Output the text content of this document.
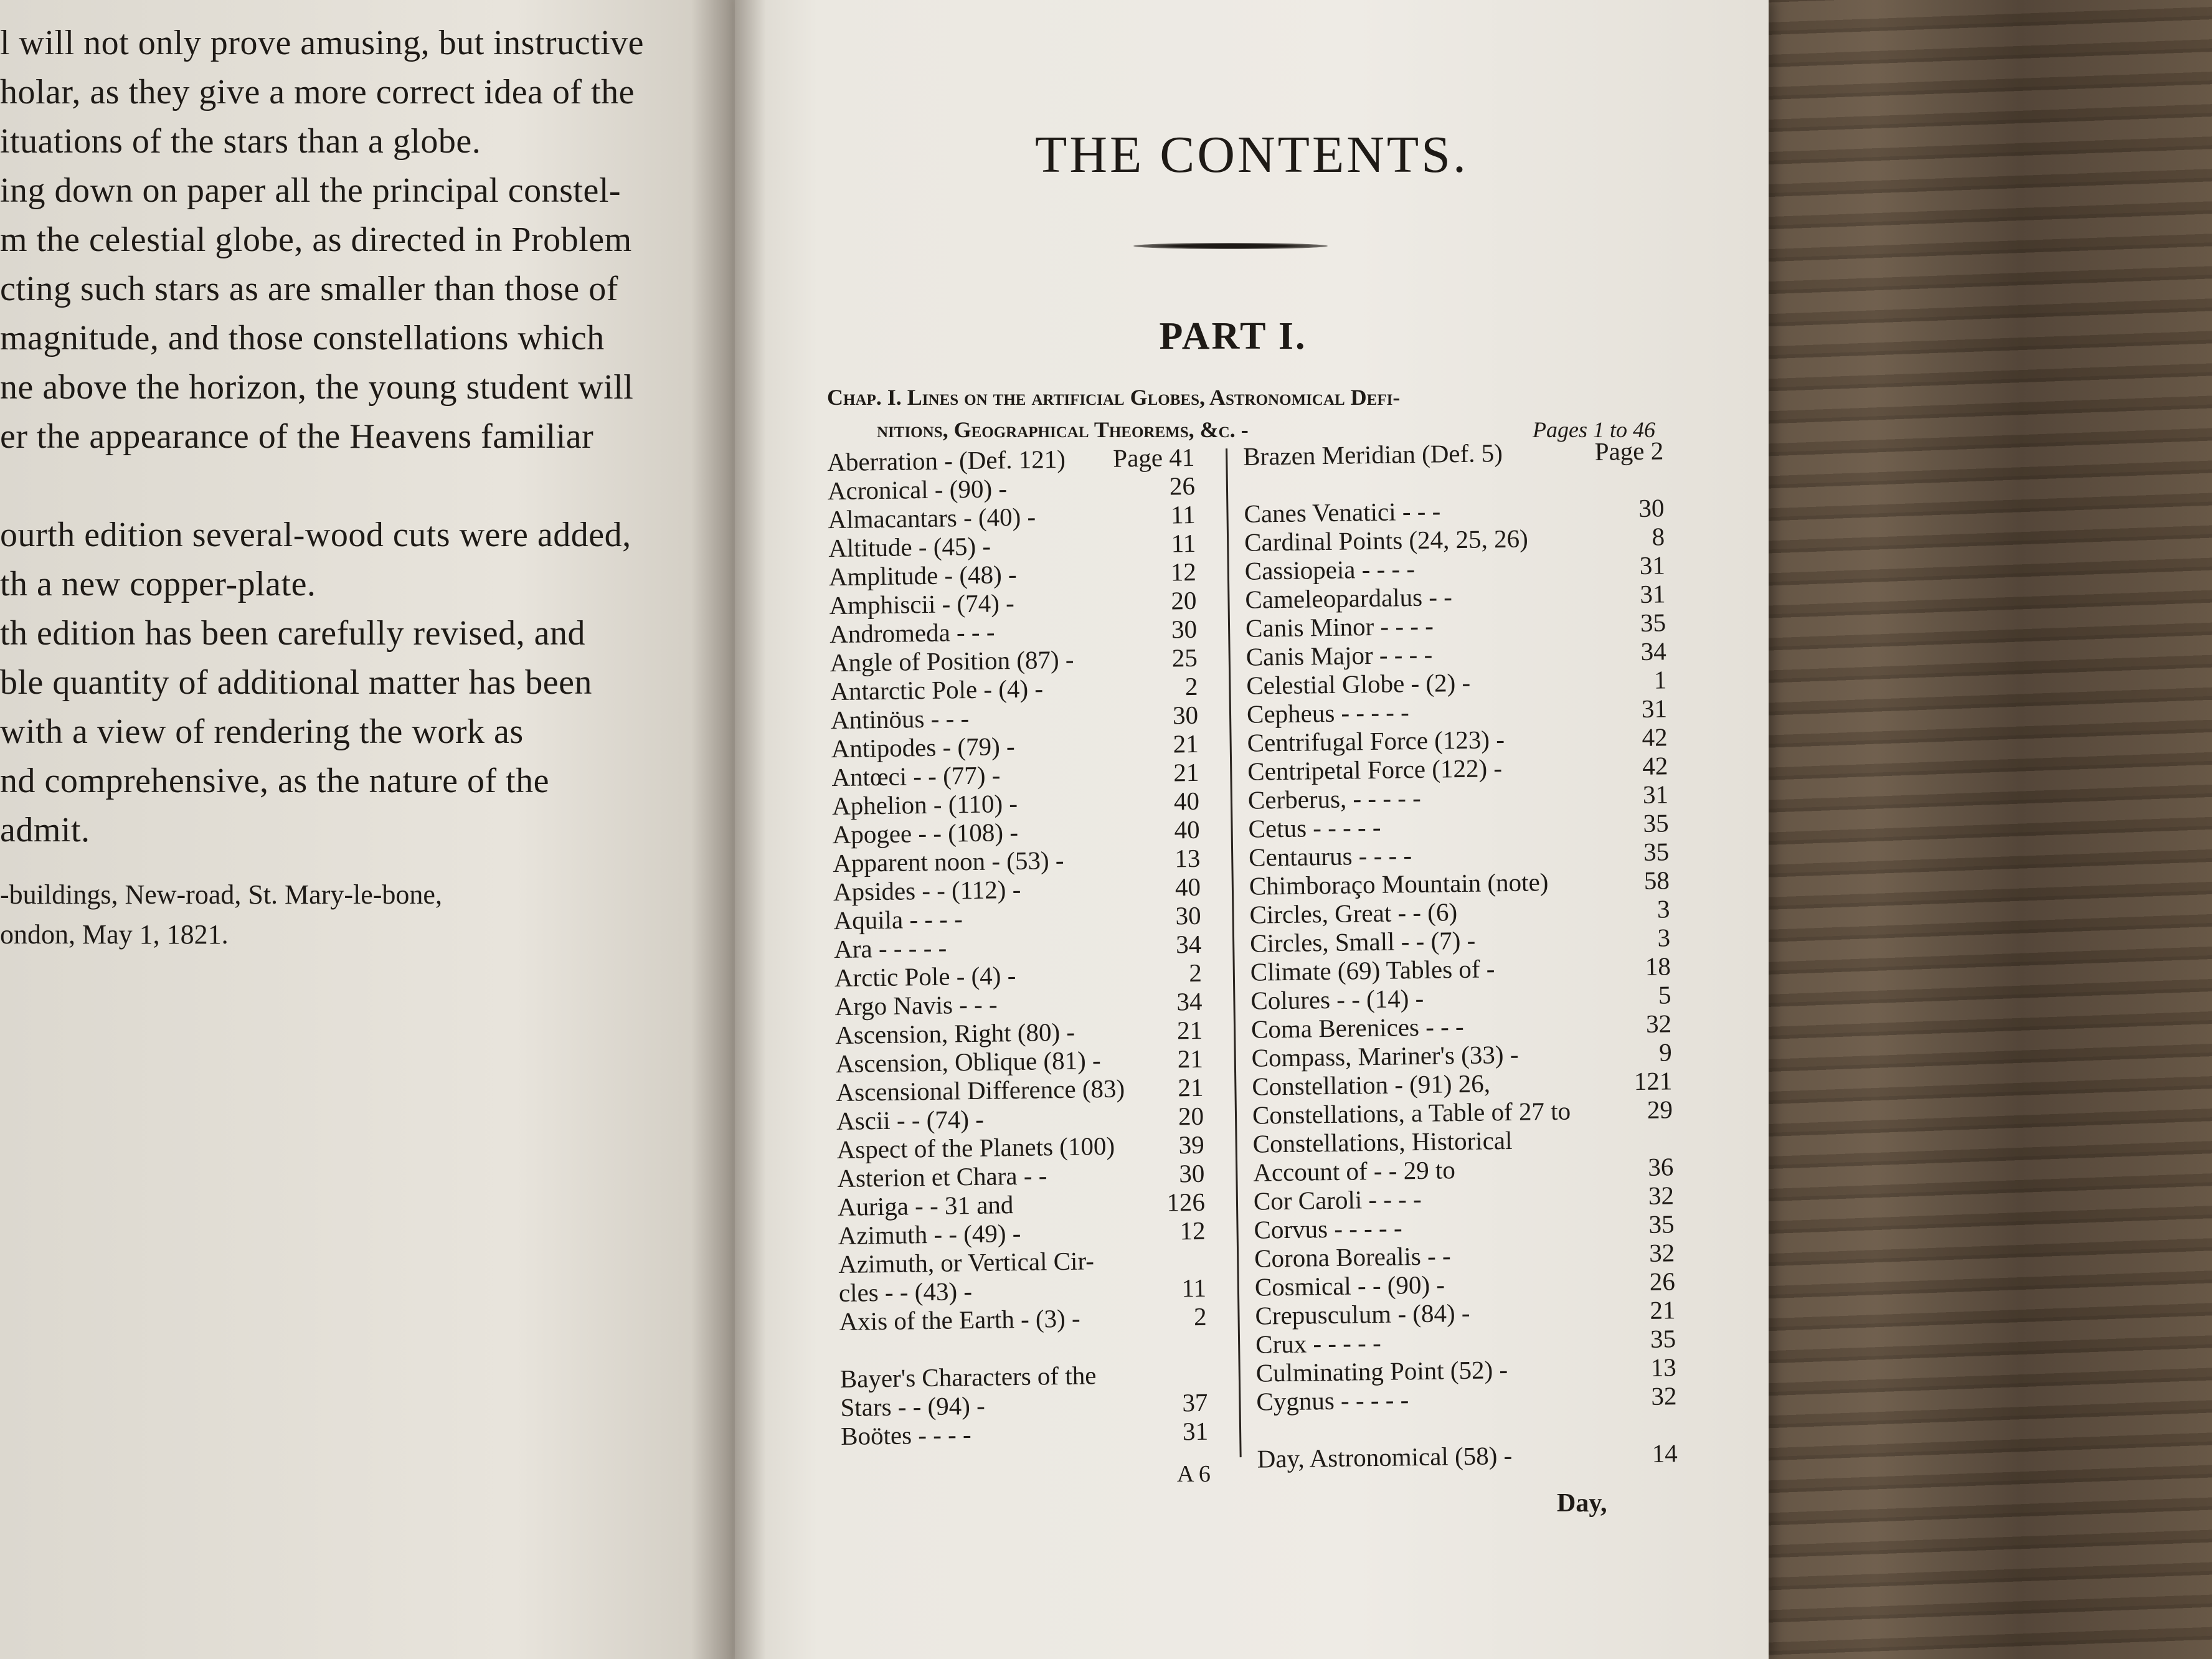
l will not only prove amusing, but instructive
holar, as they give a more correct idea of the
ituations of the stars than a globe.
ing down on paper all the principal constel-
m the celestial globe, as directed in Problem
cting such stars as are smaller than those of
magnitude, and those constellations which
ne above the horizon, the young student will
er the appearance of the Heavens familiar
ourth edition several-wood cuts were added,
th a new copper-plate.
th edition has been carefully revised, and
ble quantity of additional matter has been
with a view of rendering the work as
nd comprehensive, as the nature of the
admit.
-buildings, New-road, St. Mary-le-bone,
ondon, May 1, 1821.
THE CONTENTS.
PART I.
Chap. I. Lines on the artificial Globes, Astronomical Defi-
nitions, Geographical Theorems, &c. -	Pages 1 to 46
Aberration - (Def. 121) Page 41
Acronical - (90) -	26
Almacantars - (40) -	11
Altitude - (45) -	11
Amplitude - (48) -	12
Amphiscii - (74) -	20
Andromeda - - -	30
Angle of Position (87) -	25
Antarctic Pole - (4) -	2
Antinöus - - -	30
Antipodes - (79) -	21
Antœci - - (77) -	21
Aphelion - (110) -	40
Apogee - - (108) -	40
Apparent noon - (53) -	13
Apsides - - (112) -	40
Aquila - - - -	30
Ara - - - - -	34
Arctic Pole - (4) -	2
Argo Navis - - -	34
Ascension, Right (80) -	21
Ascension, Oblique (81) -	21
Ascensional Difference (83) 21
Ascii - - (74) -	20
Aspect of the Planets (100) 39
Asterion et Chara - -	30
Auriga - - 31 and	126
Azimuth - - (49) -	12
Azimuth, or Vertical Cir-
cles - - (43) -	11
Axis of the Earth - (3) -	2
Bayer's Characters of the
Stars - - (94) -	37
Boötes - - - -	31
Brazen Meridian (Def. 5)	Page 2
Canes Venatici - - -	30
Cardinal Points (24, 25, 26)	8
Cassiopeia - - - -	31
Cameleopardalus - -	31
Canis Minor - - - -	35
Canis Major - - - -	34
Celestial Globe - (2) -	1
Cepheus - - - - -	31
Centrifugal Force (123) -	42
Centripetal Force (122) -	42
Cerberus, - - - - -	31
Cetus - - - - -	35
Centaurus - - - -	35
Chimboraço Mountain (note)	58
Circles, Great - - (6)	3
Circles, Small - - (7) -	3
Climate (69) Tables of -	18
Colures - - (14) -	5
Coma Berenices - - -	32
Compass, Mariner's (33) -	9
Constellation - (91) 26,	121
Constellations, a Table of 27 to	29
Constellations, Historical
Account of - - 29 to	36
Cor Caroli - - - -	32
Corvus - - - - -	35
Corona Borealis - -	32
Cosmical - - (90) -	26
Crepusculum - (84) -	21
Crux - - - - -	35
Culminating Point (52) -	13
Cygnus - - - - -	32
Day, Astronomical (58) -	14
A 6
Day,
